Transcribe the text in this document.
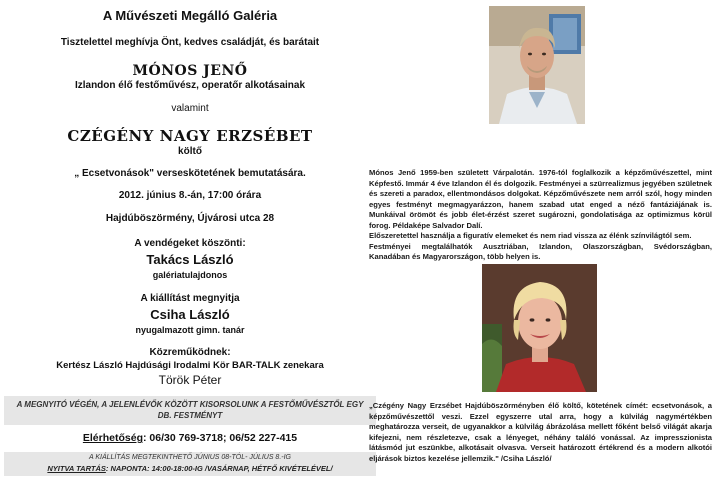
A Művészeti Megálló Galéria
Tisztelettel meghívja Önt, kedves családját, és barátait
MÓNOS JENŐ
Izlandon élő festőművész, operatőr alkotásainak
valamint
CZÉGÉNY NAGY ERZSÉBET
költő
„ Ecsetvonások" verseskötetének bemutatására.
2012. június 8.-án, 17:00 órára
Hajdúböszörmény, Újvárosi utca 28
A vendégeket köszönti:
Takács László
galériatulajdonos
A kiállítást megnyitja
Csiha László
nyugalmazott gimn. tanár
Közreműködnek:
Kertész László Hajdúsági Irodalmi Kör BAR-TALK zenekara
Török Péter
A MEGNYITÓ VÉGÉN, A JELENLÉVŐK KÖZÖTT KISORSOLUNK A FESTŐMŰVÉSZTŐL EGY
DB. FESTMÉNYT
Elérhetőség: 06/30 769-3718; 06/52 227-415
A KIÁLLÍTÁS MEGTEKINTHETŐ JÚNIUS 08-TÓL- JÚLIUS 8.-IG
NYITVA TARTÁS: NAPONTA: 14:00-18:00-IG /VASÁRNAP, HÉTFŐ KIVÉTELÉVEL/

Mónos Jenő 1959-ben született Várpalotán. 1976-tól foglalkozik a képzőművészettel, mint Képfestő. Immár 4 éve Izlandon él és dolgozik. Festményei a szürrealizmus jegyében születnek és szereti a paradox, ellentmondásos dolgokat. Képzőművészete nem arról szól, hogy minden egyes festményt megmagyarázzon, hanem szabad utat enged a néző fantáziájának is. Munkáival örömöt és jobb élet-érzést szeret sugározni, gondolatisága az optimizmus körül forog. Példaképe Salvador Dalí.

Előszeretettel használja a figuratív elemeket és nem riad vissza az élénk színvilágtól sem.

Festményei megtalálhatók Ausztriában, Izlandon, Olaszországban, Svédországban, Kanadában és Magyarországon, több helyen is.

„Czégény Nagy Erzsébet Hajdúböszörményben élő költő, kötetének címét: ecsetvonások, a képzőművészettől veszi. Ezzel egyszerre utal arra, hogy a külvilág nagymértékben meghatározza verseit, de ugyanakkor a külvilág ábrázolása mellett főként belső világát akarja kifejezni, nem részletezve, csak a lényeget, néhány találó vonással. Az impresszionista látásmód jut eszünkbe, alkotásait olvasva. Verseit határozott értékrend és a modern alkotói eljárások biztos kezelése jellemzik." /Csiha László/
